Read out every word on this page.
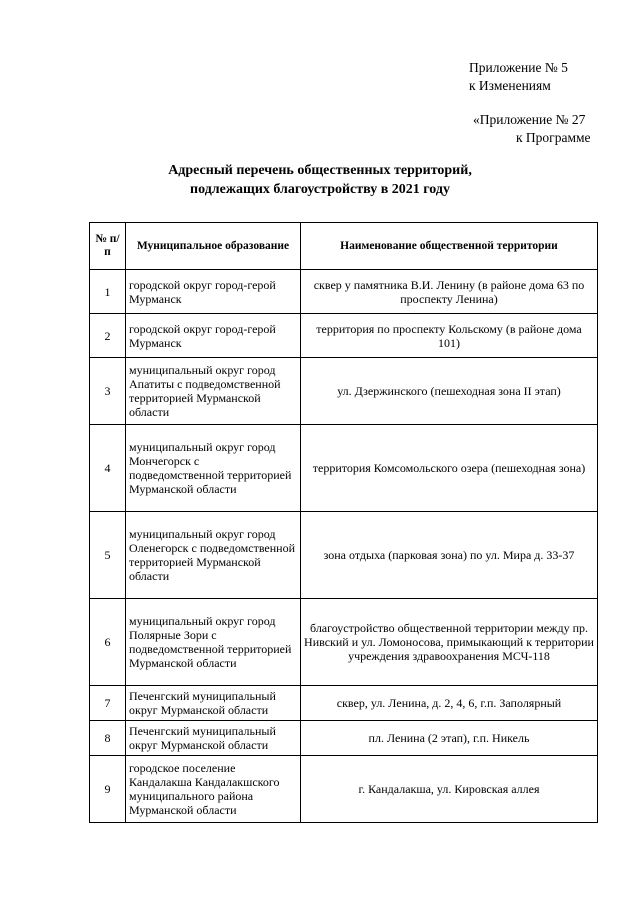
Приложение № 5
к Изменениям
«Приложение № 27
к Программе
Адресный перечень общественных территорий,
подлежащих благоустройству в 2021 году
№ п/п	Муниципальное образование	Наименование общественной территории
1	городской округ город-герой Мурманск	сквер у памятника В.И. Ленину (в районе дома 63 по проспекту Ленина)
2	городской округ город-герой Мурманск	территория по проспекту Кольскому (в районе дома 101)
3	муниципальный округ город Апатиты с подведомственной территорией Мурманской области	ул. Дзержинского (пешеходная зона II этап)
4	муниципальный округ город Мончегорск с подведомственной территорией Мурманской области	территория Комсомольского озера (пешеходная зона)
5	муниципальный округ город Оленегорск с подведомственной территорией Мурманской области	зона отдыха (парковая зона) по ул. Мира д. 33-37
6	муниципальный округ город Полярные Зори с подведомственной территорией Мурманской области	благоустройство общественной территории между пр. Нивский и ул. Ломоносова, примыкающий к территории учреждения здравоохранения МСЧ-118
7	Печенгский муниципальный округ Мурманской области	сквер, ул. Ленина, д. 2, 4, 6, г.п. Заполярный
8	Печенгский муниципальный округ Мурманской области	пл. Ленина (2 этап), г.п. Никель
9	городское поселение Кандалакша Кандалакшского муниципального района Мурманской области	г. Кандалакша, ул. Кировская аллея
